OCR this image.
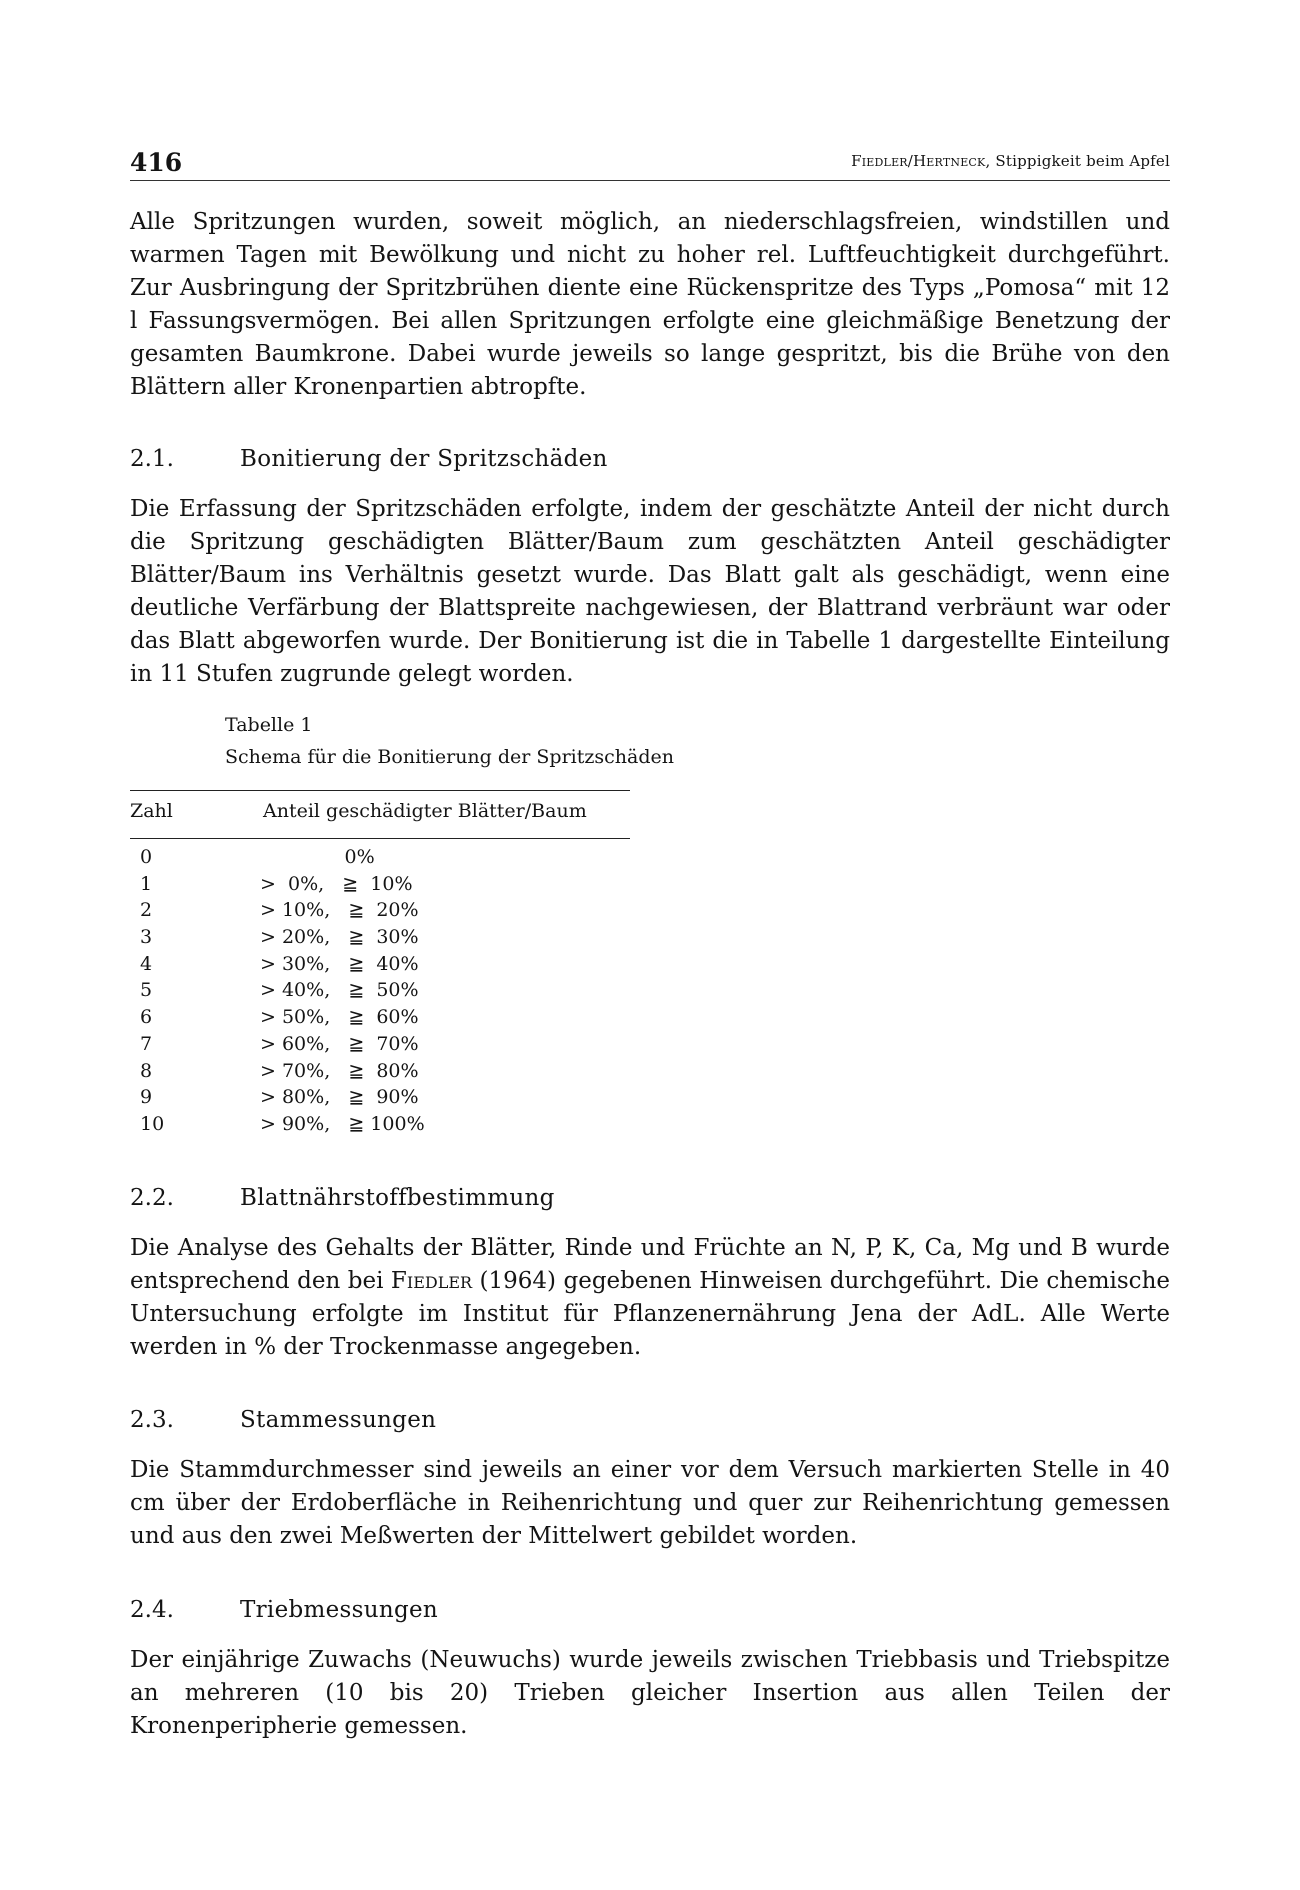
416	Fiedler/Hertneck, Stippigkeit beim Apfel

Alle Spritzungen wurden, soweit möglich, an niederschlagsfreien, windstillen und warmen Tagen mit Bewölkung und nicht zu hoher rel. Luftfeuchtigkeit durchgeführt. Zur Ausbringung der Spritzbrühen diente eine Rückenspritze des Typs „Pomosa“ mit 12 l Fassungsvermögen. Bei allen Spritzungen erfolgte eine gleichmäßige Benetzung der gesamten Baumkrone. Dabei wurde jeweils so lange gespritzt, bis die Brühe von den Blättern aller Kronenpartien abtropfte.

2.1.	Bonitierung der Spritzschäden

Die Erfassung der Spritzschäden erfolgte, indem der geschätzte Anteil der nicht durch die Spritzung geschädigten Blätter/Baum zum geschätzten Anteil geschädigter Blätter/Baum ins Verhältnis gesetzt wurde. Das Blatt galt als geschädigt, wenn eine deutliche Verfärbung der Blattspreite nachgewiesen, der Blattrand verbräunt war oder das Blatt abgeworfen wurde. Der Bonitierung ist die in Tabelle 1 dargestellte Einteilung in 11 Stufen zugrunde gelegt worden.

Tabelle 1
Schema für die Bonitierung der Spritzschäden
Zahl	Anteil geschädigter Blätter/Baum
0	0%
1	>  0%,   ≧  10%
2	> 10%,   ≧  20%
3	> 20%,   ≧  30%
4	> 30%,   ≧  40%
5	> 40%,   ≧  50%
6	> 50%,   ≧  60%
7	> 60%,   ≧  70%
8	> 70%,   ≧  80%
9	> 80%,   ≧  90%
10	> 90%,   ≧ 100%
2.2.	Blattnährstoffbestimmung

Die Analyse des Gehalts der Blätter, Rinde und Früchte an N, P, K, Ca, Mg und B wurde entsprechend den bei Fiedler (1964) gegebenen Hinweisen durchgeführt. Die chemische Untersuchung erfolgte im Institut für Pflanzenernährung Jena der AdL. Alle Werte werden in % der Trockenmasse angegeben.

2.3.	Stammessungen

Die Stammdurchmesser sind jeweils an einer vor dem Versuch markierten Stelle in 40 cm über der Erdoberfläche in Reihenrichtung und quer zur Reihenrichtung gemessen und aus den zwei Meßwerten der Mittelwert gebildet worden.

2.4.	Triebmessungen

Der einjährige Zuwachs (Neuwuchs) wurde jeweils zwischen Triebbasis und Triebspitze an mehreren (10 bis 20) Trieben gleicher Insertion aus allen Teilen der Kronenperipherie gemessen.
